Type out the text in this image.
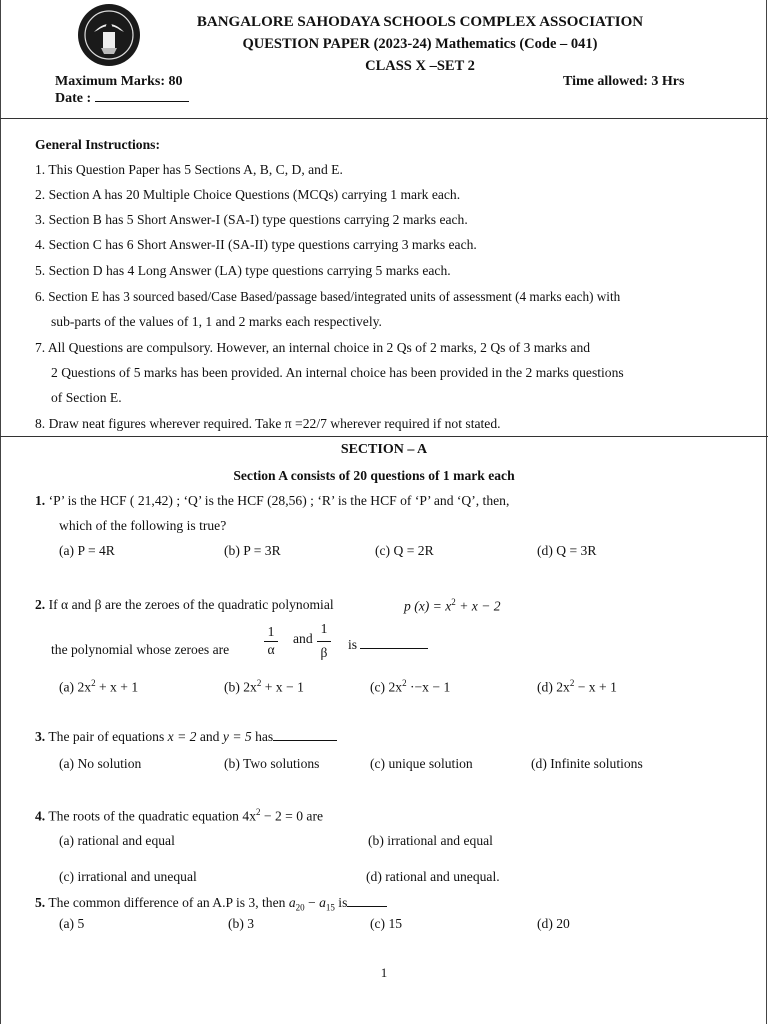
BANGALORE SAHODAYA SCHOOLS COMPLEX ASSOCIATION
QUESTION PAPER (2023-24) Mathematics (Code – 041)
CLASS X –SET 2
Maximum Marks: 80
Date :
Time allowed: 3 Hrs
General Instructions:
1. This Question Paper has 5 Sections A, B, C, D, and E.
2. Section A has 20 Multiple Choice Questions (MCQs) carrying 1 mark each.
3. Section B has 5 Short Answer-I (SA-I) type questions carrying 2 marks each.
4. Section C has 6 Short Answer-II (SA-II) type questions carrying 3 marks each.
5. Section D has 4 Long Answer (LA) type questions carrying 5 marks each.
6. Section E has 3 sourced based/Case Based/passage based/integrated units of assessment (4 marks each) with
sub-parts of the values of 1, 1 and 2 marks each respectively.
7. All Questions are compulsory. However, an internal choice in 2 Qs of 2 marks, 2 Qs of 3 marks and
2 Questions of 5 marks has been provided. An internal choice has been provided in the 2 marks questions
of Section E.
8. Draw neat figures wherever required. Take π =22/7 wherever required if not stated.
SECTION – A
Section A consists of 20 questions of 1 mark each
1. ‘P’ is the HCF ( 21,42) ; ‘Q’ is the HCF (28,56) ; ‘R’ is the HCF of ‘P’ and ‘Q’, then,
which of the following is true?
(a) P = 4R	(b) P = 3R	(c) Q = 2R	(d) Q = 3R
2. If α and β are the zeroes of the quadratic polynomial	p $(x) = x^2 + x - 2$
the polynomial whose zeroes are	$\frac{1}{\alpha}$ and $\frac{1}{\beta}$ is
(a) $2x^2 + x + 1$	(b) $2x^2 + x - 1$	(c) $2x^2 \cdot-x - 1$	(d) $2x^2 - x + 1$
3. The pair of equations x = 2 and y = 5 has
(a) No solution	(b) Two solutions	(c) unique solution	(d) Infinite solutions
4. The roots of the quadratic equation $4x^2 - 2 = 0$ are
(a) rational and equal	(b) irrational and equal
(c) irrational and unequal	(d) rational and unequal.
5. The common difference of an A.P is 3, then $a_{20} - a_{15}$ is
(a) 5	(b) 3	(c) 15	(d) 20
1
